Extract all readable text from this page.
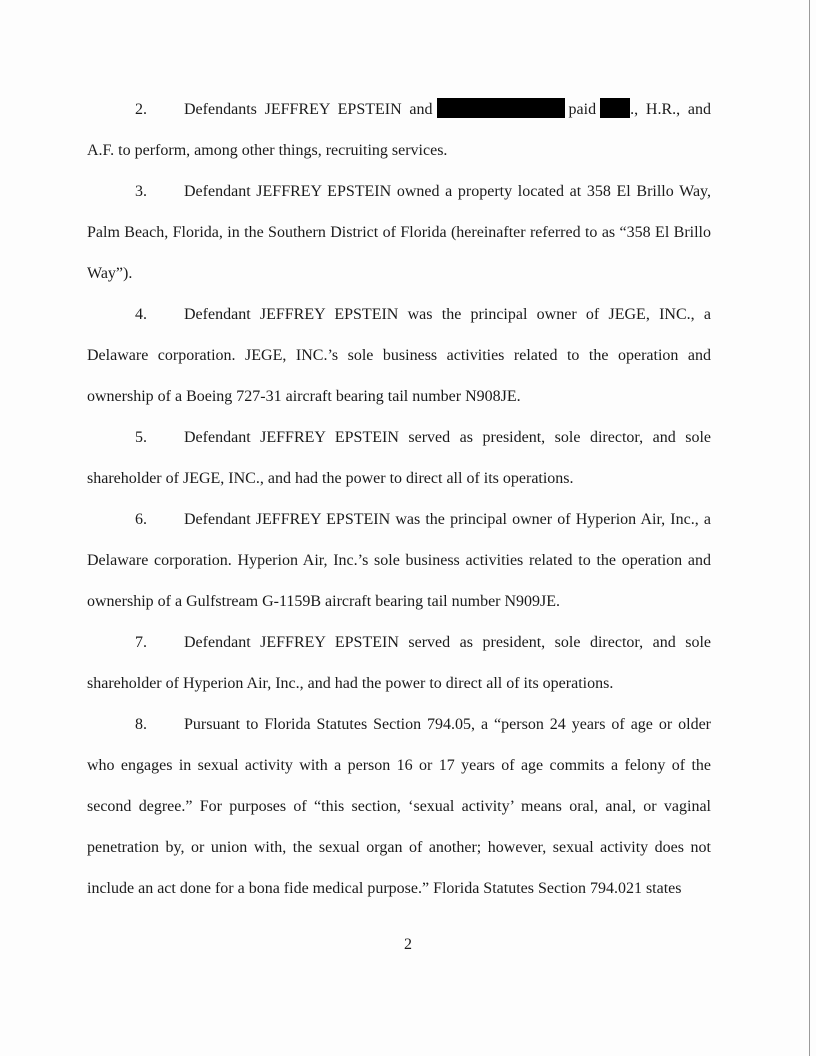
2. Defendants JEFFREY EPSTEIN and	paid ., H.R., and A.F. to perform, among other things, recruiting services.

3. Defendant JEFFREY EPSTEIN owned a property located at 358 El Brillo Way, Palm Beach, Florida, in the Southern District of Florida (hereinafter referred to as “358 El Brillo Way”).

4. Defendant JEFFREY EPSTEIN was the principal owner of JEGE, INC., a Delaware corporation. JEGE, INC.’s sole business activities related to the operation and ownership of a Boeing 727-31 aircraft bearing tail number N908JE.

5. Defendant JEFFREY EPSTEIN served as president, sole director, and sole shareholder of JEGE, INC., and had the power to direct all of its operations.

6. Defendant JEFFREY EPSTEIN was the principal owner of Hyperion Air, Inc., a Delaware corporation. Hyperion Air, Inc.’s sole business activities related to the operation and ownership of a Gulfstream G-1159B aircraft bearing tail number N909JE.

7. Defendant JEFFREY EPSTEIN served as president, sole director, and sole shareholder of Hyperion Air, Inc., and had the power to direct all of its operations.

8. Pursuant to Florida Statutes Section 794.05, a “person 24 years of age or older who engages in sexual activity with a person 16 or 17 years of age commits a felony of the second degree.” For purposes of “this section, ‘sexual activity’ means oral, anal, or vaginal penetration by, or union with, the sexual organ of another; however, sexual activity does not include an act done for a bona fide medical purpose.” Florida Statutes Section 794.021 states

2
